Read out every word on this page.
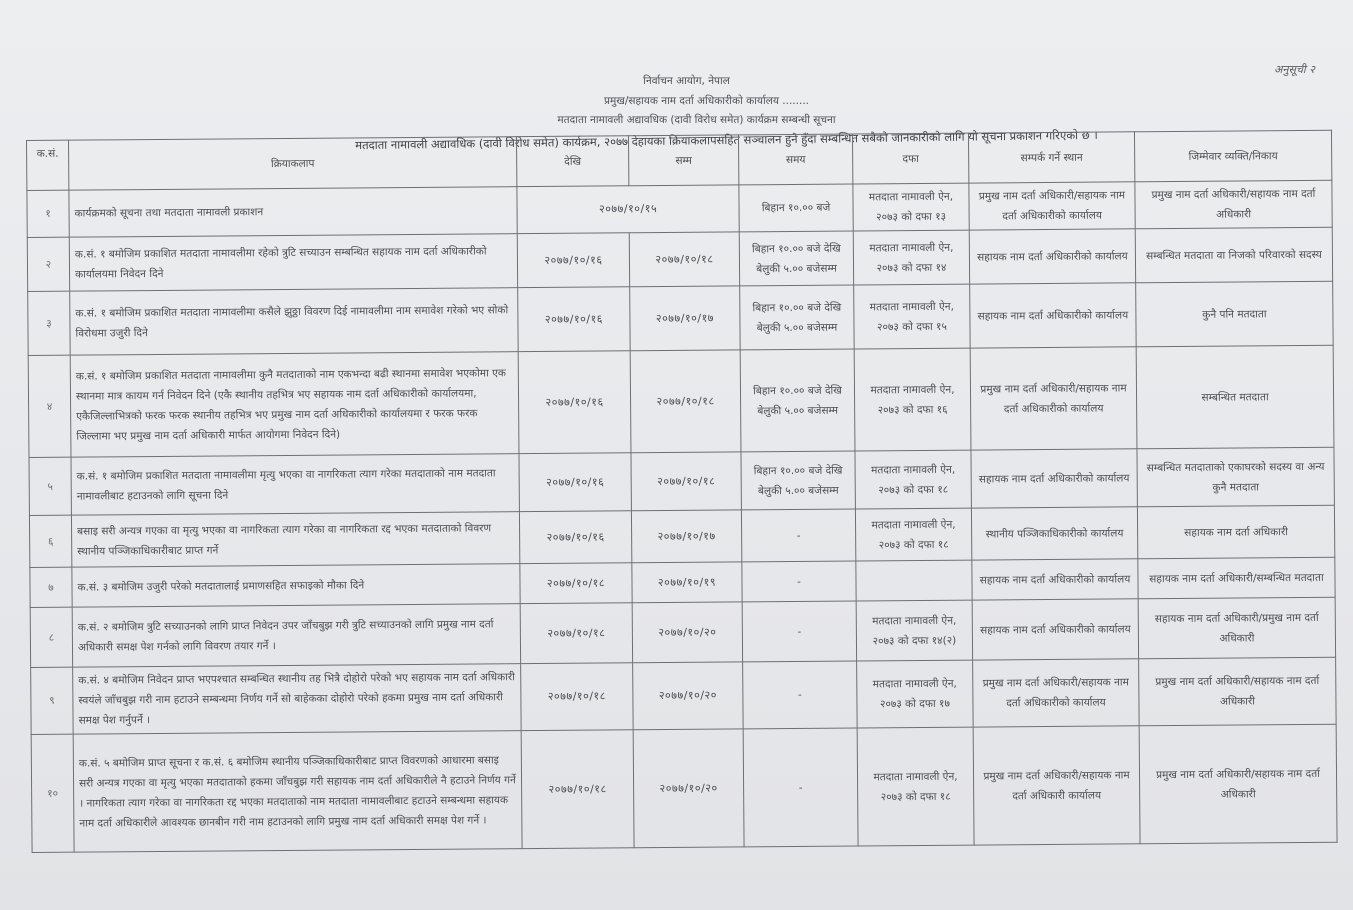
अनुसूची २
निर्वाचन आयोग, नेपाल
प्रमुख/सहायक नाम दर्ता अधिकारीको कार्यालय ........
मतदाता नामावली अद्यावधिक (दावी विरोध समेत) कार्यक्रम सम्बन्धी सूचना
मतदाता नामावली अद्यावधिक (दावी विरोध समेत) कार्यक्रम, २०७७ देहायका क्रियाकलापसहित सञ्चालन हुने हुँदा सम्बन्धित सबैको जानकारीको लागि यो सूचना प्रकाशन गरिएको छ ।
क.सं.	क्रियाकलाप	देखि	सम्म	समय	दफा	सम्पर्क गर्ने स्थान	जिम्मेवार व्यक्ति/निकाय
१	कार्यक्रमको सूचना तथा मतदाता नामावली प्रकाशन	२०७७/१०/१५		बिहान १०.०० बजे	मतदाता नामावली ऐन, २०७३ को दफा १३	प्रमुख नाम दर्ता अधिकारी/सहायक नाम दर्ता अधिकारीको कार्यालय	प्रमुख नाम दर्ता अधिकारी/सहायक नाम दर्ता अधिकारी
२	क.सं. १ बमोजिम प्रकाशित मतदाता नामावलीमा रहेको त्रुटि सच्याउन सम्बन्धित सहायक नाम दर्ता अधिकारीको कार्यालयमा निवेदन दिने	२०७७/१०/१६	२०७७/१०/१८	बिहान १०.०० बजे देखि बेलुकी ५.०० बजेसम्म	मतदाता नामावली ऐन, २०७३ को दफा १४	सहायक नाम दर्ता अधिकारीको कार्यालय	सम्बन्धित मतदाता वा निजको परिवारको सदस्य
३	क.सं. १ बमोजिम प्रकाशित मतदाता नामावलीमा कसैले झुठ्ठा विवरण दिई नामावलीमा नाम समावेश गरेको भए सोको विरोधमा उजुरी दिने	२०७७/१०/१६	२०७७/१०/१७	बिहान १०.०० बजे देखि बेलुकी ५.०० बजेसम्म	मतदाता नामावली ऐन, २०७३ को दफा १५	सहायक नाम दर्ता अधिकारीको कार्यालय	कुनै पनि मतदाता
४	क.सं. १ बमोजिम प्रकाशित मतदाता नामावलीमा कुनै मतदाताको नाम एकभन्दा बढी स्थानमा समावेश भएकोमा एक स्थानमा मात्र कायम गर्न निवेदन दिने (एकै स्थानीय तहभित्र भए सहायक नाम दर्ता अधिकारीको कार्यालयमा, एकैजिल्लाभित्रको फरक फरक स्थानीय तहभित्र भए प्रमुख नाम दर्ता अधिकारीको कार्यालयमा र फरक फरक जिल्लामा भए प्रमुख नाम दर्ता अधिकारी मार्फत आयोगमा निवेदन दिने)	२०७७/१०/१६	२०७७/१०/१८	बिहान १०.०० बजे देखि बेलुकी ५.०० बजेसम्म	मतदाता नामावली ऐन, २०७३ को दफा १६	प्रमुख नाम दर्ता अधिकारी/सहायक नाम दर्ता अधिकारीको कार्यालय	सम्बन्धित मतदाता
५	क.सं. १ बमोजिम प्रकाशित मतदाता नामावलीमा मृत्यु भएका वा नागरिकता त्याग गरेका मतदाताको नाम मतदाता नामावलीबाट हटाउनको लागि सूचना दिने	२०७७/१०/१६	२०७७/१०/१८	बिहान १०.०० बजे देखि बेलुकी ५.०० बजेसम्म	मतदाता नामावली ऐन, २०७३ को दफा १८	सहायक नाम दर्ता अधिकारीको कार्यालय	सम्बन्धित मतदाताको एकाघरको सदस्य वा अन्य कुनै मतदाता
६	बसाइ सरी अन्यत्र गएका वा मृत्यु भएका वा नागरिकता त्याग गरेका वा नागरिकता रद्द भएका मतदाताको विवरण स्थानीय पञ्जिकाधिकारीबाट प्राप्त गर्ने	२०७७/१०/१६	२०७७/१०/१७	-	मतदाता नामावली ऐन, २०७३ को दफा १८	स्थानीय पञ्जिकाधिकारीको कार्यालय	सहायक नाम दर्ता अधिकारी
७	क.सं. ३ बमोजिम उजुरी परेको मतदातालाई प्रमाणसहित सफाइको मौका दिने	२०७७/१०/१८	२०७७/१०/१९	-		सहायक नाम दर्ता अधिकारीको कार्यालय	सहायक नाम दर्ता अधिकारी/सम्बन्धित मतदाता
८	क.सं. २ बमोजिम त्रुटि सच्याउनको लागि प्राप्त निवेदन उपर जाँचबुझ गरी त्रुटि सच्याउनको लागि प्रमुख नाम दर्ता अधिकारी समक्ष पेश गर्नको लागि विवरण तयार गर्ने ।	२०७७/१०/१८	२०७७/१०/२०	-	मतदाता नामावली ऐन, २०७३ को दफा १४(२)	सहायक नाम दर्ता अधिकारीको कार्यालय	सहायक नाम दर्ता अधिकारी/प्रमुख नाम दर्ता अधिकारी
९	क.सं. ४ बमोजिम निवेदन प्राप्त भएपश्चात सम्बन्धित स्थानीय तह भित्रै दोहोरो परेको भए सहायक नाम दर्ता अधिकारी स्वयंले जाँचबुझ गरी नाम हटाउने सम्बन्धमा निर्णय गर्ने सो बाहेकका दोहोरो परेको हकमा प्रमुख नाम दर्ता अधिकारी समक्ष पेश गर्नुपर्ने ।	२०७७/१०/१८	२०७७/१०/२०	-	मतदाता नामावली ऐन, २०७३ को दफा १७	प्रमुख नाम दर्ता अधिकारी/सहायक नाम दर्ता अधिकारीको कार्यालय	प्रमुख नाम दर्ता अधिकारी/सहायक नाम दर्ता अधिकारी
१०	क.सं. ५ बमोजिम प्राप्त सूचना र क.सं. ६ बमोजिम स्थानीय पञ्जिकाधिकारीबाट प्राप्त विवरणको आधारमा बसाइ सरी अन्यत्र गएका वा मृत्यु भएका मतदाताको हकमा जाँचबुझ गरी सहायक नाम दर्ता अधिकारीले नै हटाउने निर्णय गर्ने । नागरिकता त्याग गरेका वा नागरिकता रद्द भएका मतदाताको नाम मतदाता नामावलीबाट हटाउने सम्बन्धमा सहायक नाम दर्ता अधिकारीले आवश्यक छानबीन गरी नाम हटाउनको लागि प्रमुख नाम दर्ता अधिकारी समक्ष पेश गर्ने ।	२०७७/१०/१८	२०७७/१०/२०	-	मतदाता नामावली ऐन, २०७३ को दफा १८	प्रमुख नाम दर्ता अधिकारी/सहायक नाम दर्ता अधिकारी कार्यालय	प्रमुख नाम दर्ता अधिकारी/सहायक नाम दर्ता अधिकारी
